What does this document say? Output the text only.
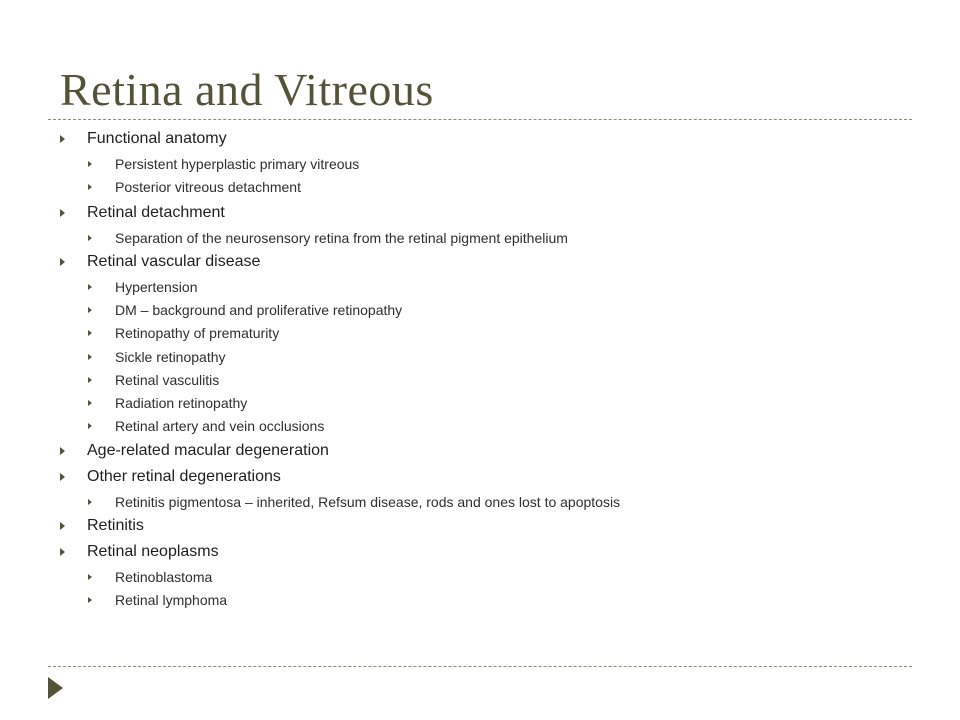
Retina and Vitreous
Functional anatomy
Persistent hyperplastic primary vitreous
Posterior vitreous detachment
Retinal detachment
Separation of the neurosensory retina from the retinal pigment epithelium
Retinal vascular disease
Hypertension
DM – background and proliferative retinopathy
Retinopathy of prematurity
Sickle retinopathy
Retinal vasculitis
Radiation retinopathy
Retinal artery and vein occlusions
Age-related macular degeneration
Other retinal degenerations
Retinitis pigmentosa – inherited, Refsum disease, rods and ones lost to apoptosis
Retinitis
Retinal neoplasms
Retinoblastoma
Retinal lymphoma
